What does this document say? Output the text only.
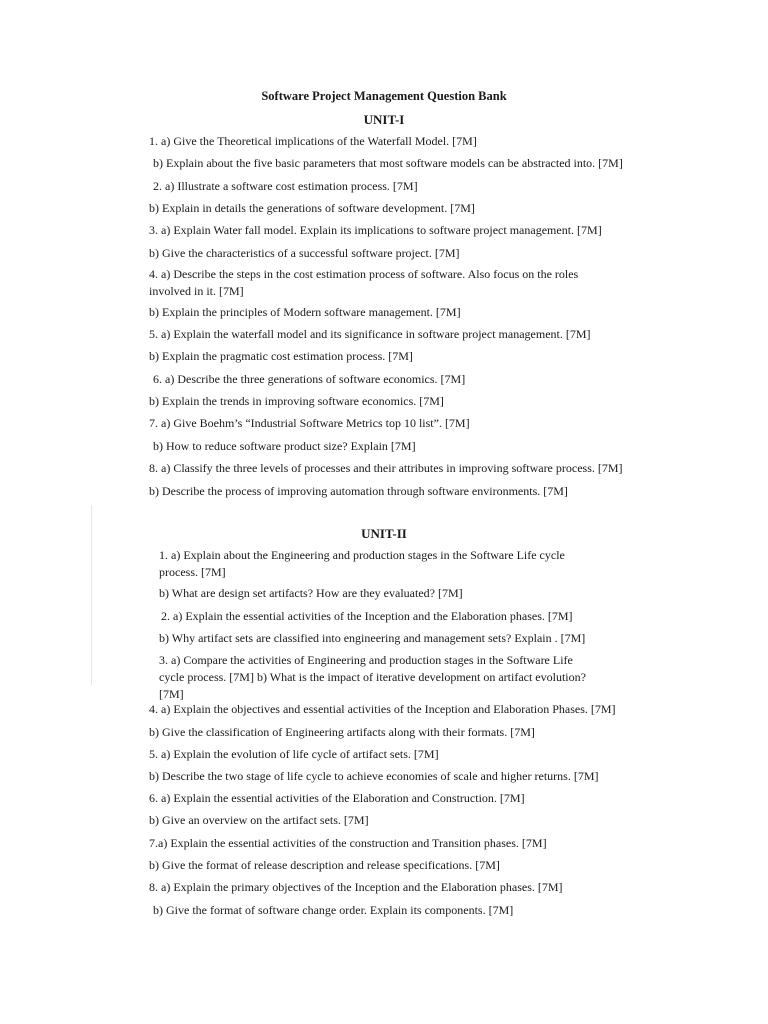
Software Project Management Question Bank
UNIT-I
1. a) Give the Theoretical implications of the Waterfall Model. [7M]
b) Explain about the five basic parameters that most software models can be abstracted into. [7M]
2. a) Illustrate a software cost estimation process. [7M]
b) Explain in details the generations of software development. [7M]
3. a) Explain Water fall model. Explain its implications to software project management. [7M]
b) Give the characteristics of a successful software project. [7M]
4. a) Describe the steps in the cost estimation process of software. Also focus on the roles involved in it. [7M]
b) Explain the principles of Modern software management. [7M]
5. a) Explain the waterfall model and its significance in software project management. [7M]
b) Explain the pragmatic cost estimation process. [7M]
6. a) Describe the three generations of software economics. [7M]
b) Explain the trends in improving software economics. [7M]
7. a) Give Boehm’s “Industrial Software Metrics top 10 list”. [7M]
b) How to reduce software product size? Explain [7M]
8. a) Classify the three levels of processes and their attributes in improving software process. [7M]
b) Describe the process of improving automation through software environments. [7M]
UNIT-II
1. a) Explain about the Engineering and production stages in the Software Life cycle process. [7M]
b) What are design set artifacts? How are they evaluated? [7M]
2. a) Explain the essential activities of the Inception and the Elaboration phases. [7M]
b) Why artifact sets are classified into engineering and management sets? Explain . [7M]
3. a) Compare the activities of Engineering and production stages in the Software Life cycle process. [7M] b) What is the impact of iterative development on artifact evolution? [7M]
4. a) Explain the objectives and essential activities of the Inception and Elaboration Phases. [7M]
b) Give the classification of Engineering artifacts along with their formats. [7M]
5. a) Explain the evolution of life cycle of artifact sets. [7M]
b) Describe the two stage of life cycle to achieve economies of scale and higher returns. [7M]
6. a) Explain the essential activities of the Elaboration and Construction. [7M]
b) Give an overview on the artifact sets. [7M]
7.a) Explain the essential activities of the construction and Transition phases. [7M]
b) Give the format of release description and release specifications. [7M]
8. a) Explain the primary objectives of the Inception and the Elaboration phases. [7M]
b) Give the format of software change order. Explain its components. [7M]
